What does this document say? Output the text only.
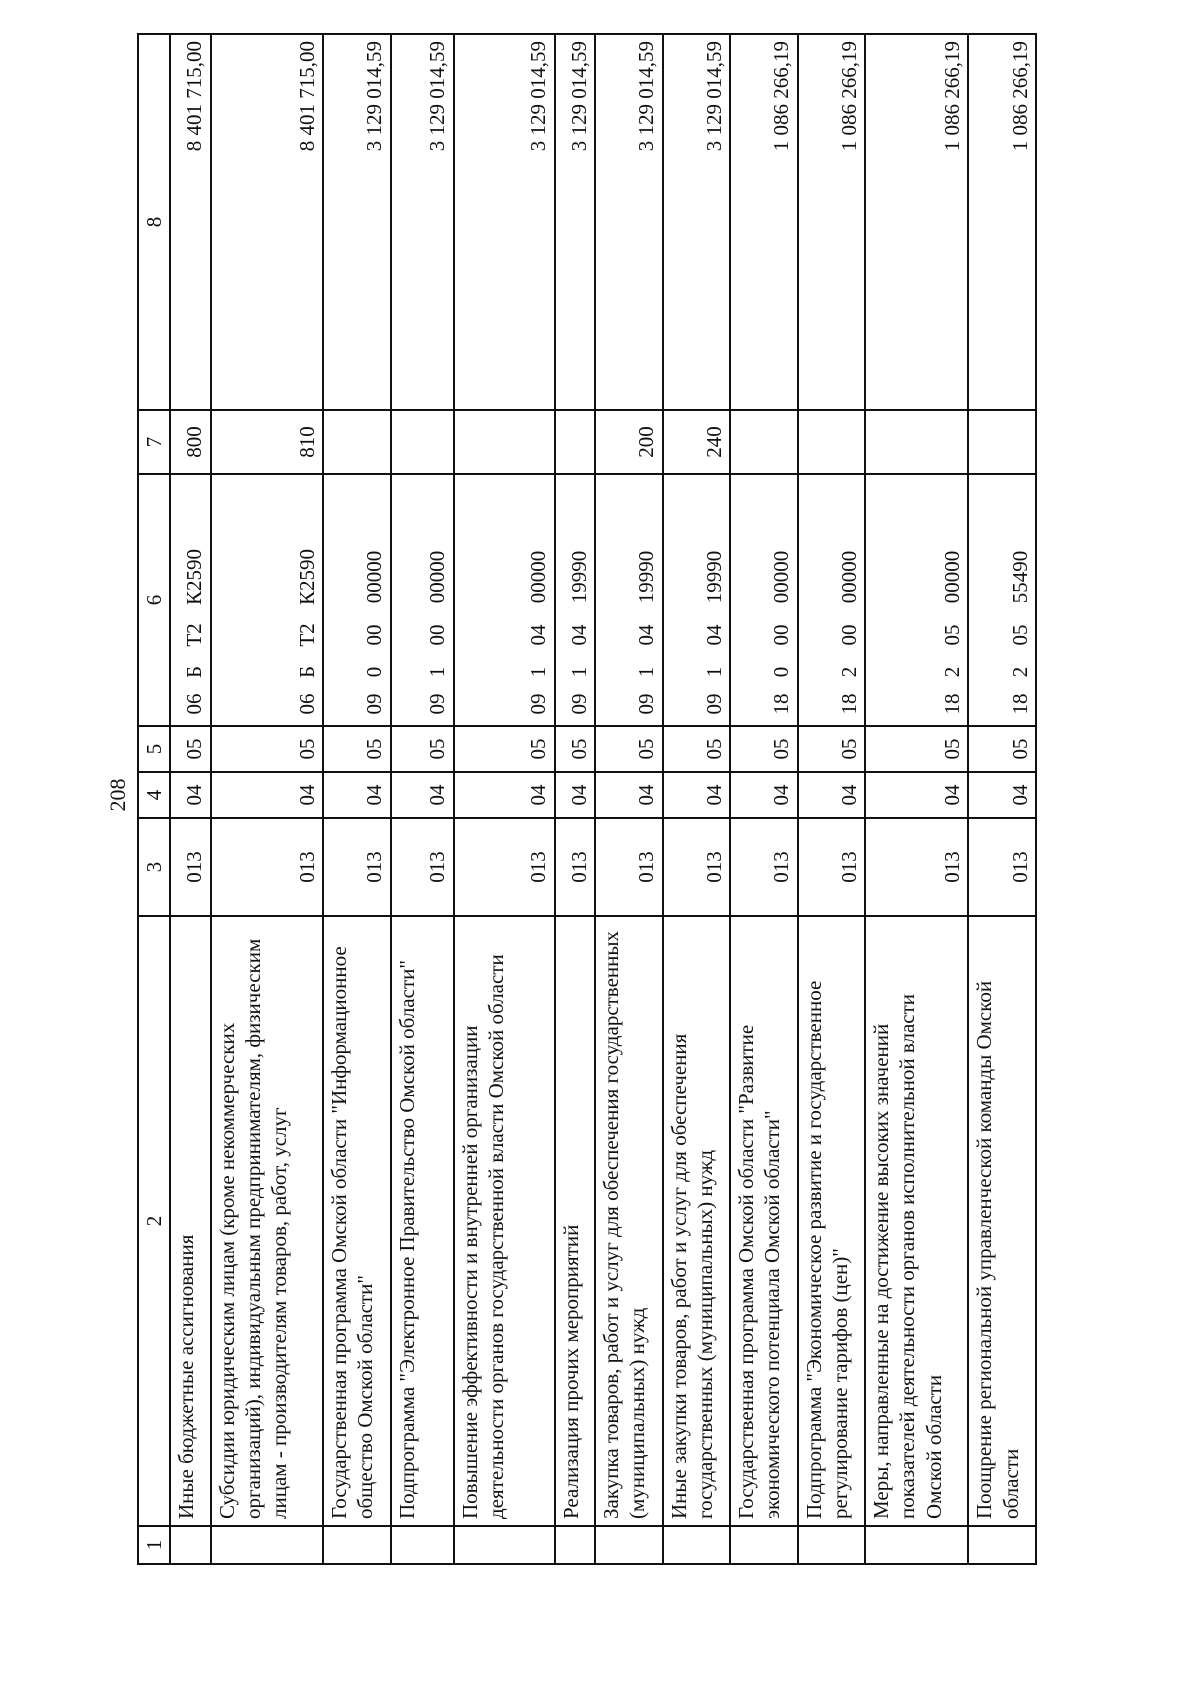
208
1	2	3	4	5	6	7	8
	Иные бюджетные ассигнования	013	04	05	06БТ2К2590	800	8 401 715,00
	Субсидии юридическим лицам (кроме некоммерческих организаций), индивидуальным предпринимателям, физическим лицам - производителям товаров, работ, услуг	013	04	05	06БТ2К2590	810	8 401 715,00
	Государственная программа Омской области "Информационное общество Омской области"	013	04	05	0900000000		3 129 014,59
	Подпрограмма "Электронное Правительство Омской области"	013	04	05	0910000000		3 129 014,59
	Повышение эффективности и внутренней организации деятельности органов государственной власти Омской области	013	04	05	0910400000		3 129 014,59
	Реализация прочих мероприятий	013	04	05	0910419990		3 129 014,59
	Закупка товаров, работ и услуг для обеспечения государственных (муниципальных) нужд	013	04	05	0910419990	200	3 129 014,59
	Иные закупки товаров, работ и услуг для обеспечения государственных (муниципальных) нужд	013	04	05	0910419990	240	3 129 014,59
	Государственная программа Омской области "Развитие экономического потенциала Омской области"	013	04	05	1800000000		1 086 266,19
	Подпрограмма "Экономическое развитие и государственное регулирование тарифов (цен)"	013	04	05	1820000000		1 086 266,19
	Меры, направленные на достижение высоких значений показателей деятельности органов исполнительной власти Омской области	013	04	05	1820500000		1 086 266,19
	Поощрение региональной управленческой команды Омской области	013	04	05	1820555490		1 086 266,19
